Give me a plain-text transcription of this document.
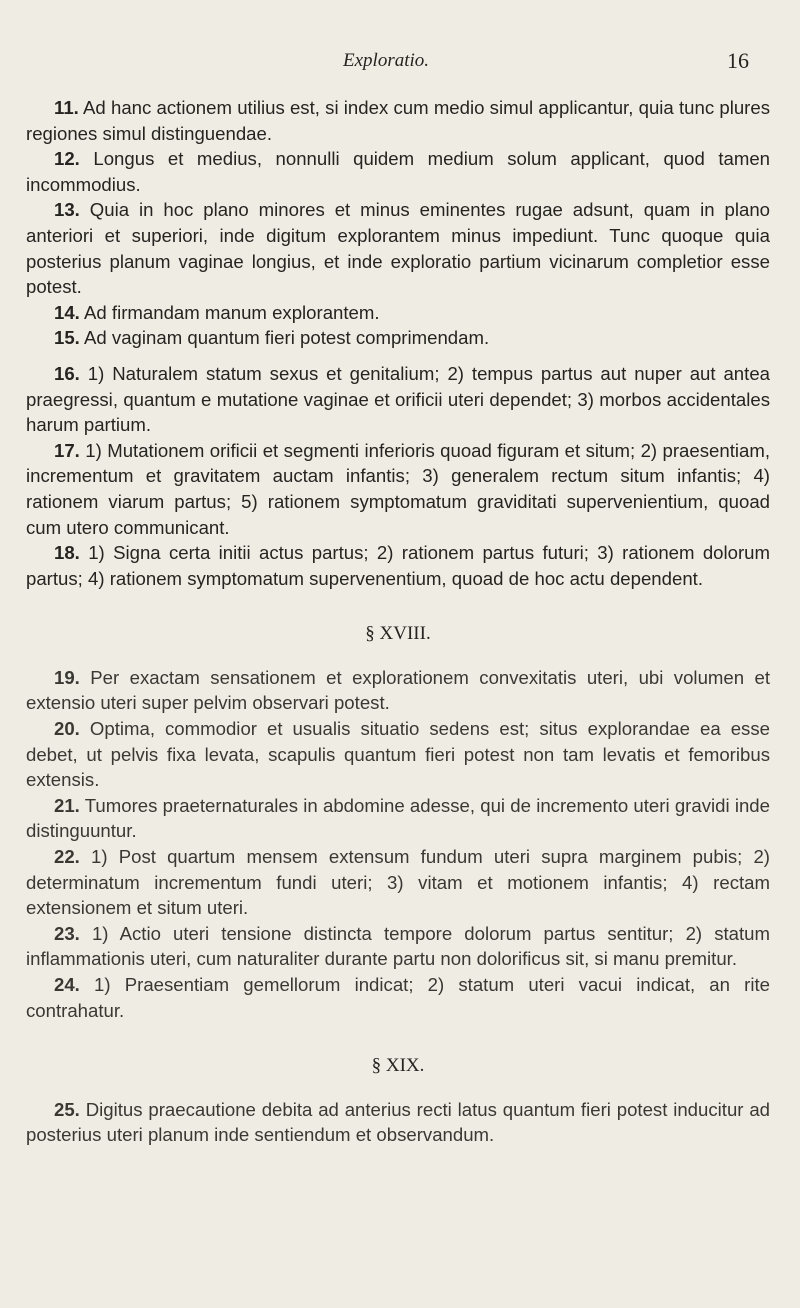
Exploratio.	16

11. Ad hanc actionem utilius est, si index cum medio simul applicantur, quia tunc plures regiones simul distinguendae.

12. Longus et medius, nonnulli quidem medium solum applicant, quod tamen incommodius.

13. Quia in hoc plano minores et minus eminentes rugae adsunt, quam in plano anteriori et superiori, inde digitum explorantem minus impediunt. Tunc quoque quia posterius planum vaginae longius, et inde exploratio partium vicinarum completior esse potest.

14. Ad firmandam manum explorantem.

15. Ad vaginam quantum fieri potest comprimendam.

16. 1) Naturalem statum sexus et genitalium; 2) tempus partus aut nuper aut antea praegressi, quantum e mutatione vaginae et orificii uteri dependet; 3) morbos accidentales harum partium.

17. 1) Mutationem orificii et segmenti inferioris quoad figuram et situm; 2) praesentiam, incrementum et gravitatem auctam infantis; 3) generalem rectum situm infantis; 4) rationem viarum partus; 5) rationem symptomatum graviditati supervenientium, quoad cum utero communicant.

18. 1) Signa certa initii actus partus; 2) rationem partus futuri; 3) rationem dolorum partus; 4) rationem symptomatum supervenentium, quoad de hoc actu dependent.

§ XVIII.

19. Per exactam sensationem et explorationem convexitatis uteri, ubi volumen et extensio uteri super pelvim observari potest.

20. Optima, commodior et usualis situatio sedens est; situs explorandae ea esse debet, ut pelvis fixa levata, scapulis quantum fieri potest non tam levatis et femoribus extensis.

21. Tumores praeternaturales in abdomine adesse, qui de incremento uteri gravidi inde distinguuntur.

22. 1) Post quartum mensem extensum fundum uteri supra marginem pubis; 2) determinatum incrementum fundi uteri; 3) vitam et motionem infantis; 4) rectam extensionem et situm uteri.

23. 1) Actio uteri tensione distincta tempore dolorum partus sentitur; 2) statum inflammationis uteri, cum naturaliter durante partu non dolorificus sit, si manu premitur.

24. 1) Praesentiam gemellorum indicat; 2) statum uteri vacui indicat, an rite contrahatur.

§ XIX.

25. Digitus praecautione debita ad anterius recti latus quantum fieri potest inducitur ad posterius uteri planum inde sentiendum et observandum.
